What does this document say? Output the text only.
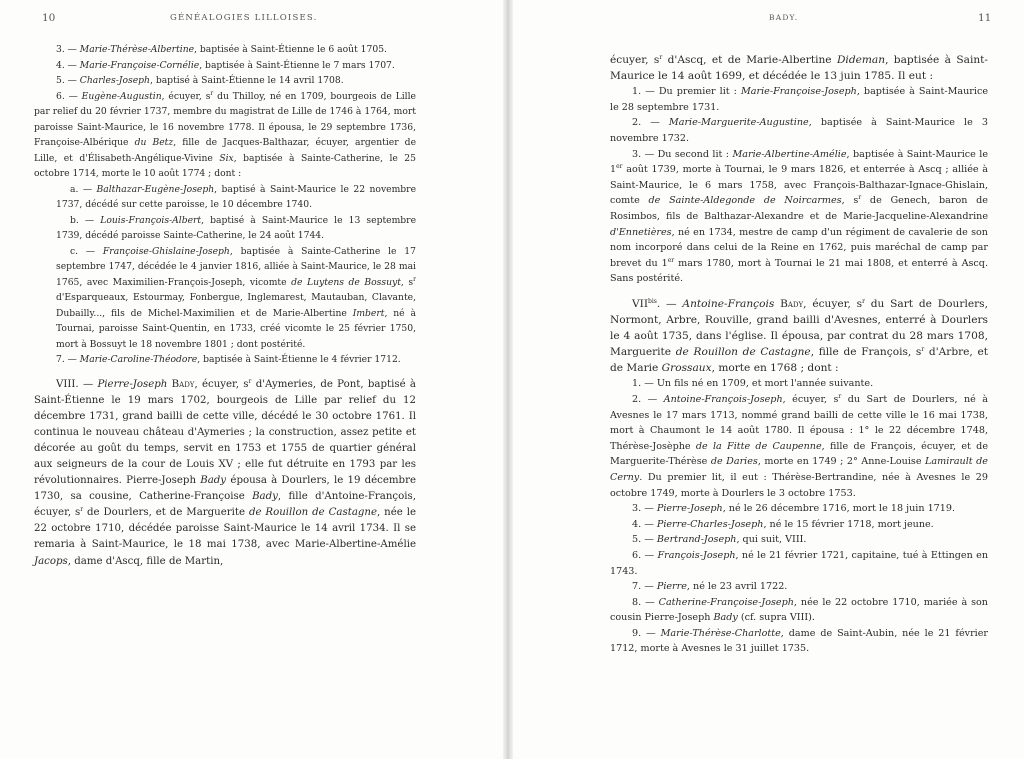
10	GÉNÉALOGIES LILLOISES.

3. — Marie-Thérèse-Albertine, baptisée à Saint-Étienne le 6 août 1705.

4. — Marie-Françoise-Cornélie, baptisée à Saint-Étienne le 7 mars 1707.

5. — Charles-Joseph, baptisé à Saint-Étienne le 14 avril 1708.

6. — Eugène-Augustin, écuyer, $s^r$ du Thilloy, né en 1709, bourgeois de Lille par relief du 20 février 1737, membre du magistrat de Lille de 1746 à 1764, mort paroisse Saint-Maurice, le 16 novembre 1778. Il épousa, le 29 septembre 1736, Françoise-Albérique du Betz, fille de Jacques-Balthazar, écuyer, argentier de Lille, et d'Élisabeth-Angélique-Vivine Six, baptisée à Sainte-Catherine, le 25 octobre 1714, morte le 10 août 1774 ; dont :

a. — Balthazar-Eugène-Joseph, baptisé à Saint-Maurice le 22 novembre 1737, décédé sur cette paroisse, le 10 décembre 1740.

b. — Louis-François-Albert, baptisé à Saint-Maurice le 13 septembre 1739, décédé paroisse Sainte-Catherine, le 24 août 1744.

c. — Françoise-Ghislaine-Joseph, baptisée à Sainte-Catherine le 17 septembre 1747, décédée le 4 janvier 1816, alliée à Saint-Maurice, le 28 mai 1765, avec Maximilien-François-Joseph, vicomte de Luytens de Bossuyt, $s^r$ d'Esparqueaux, Estourmay, Fonbergue, Inglemarest, Mautauban, Clavante, Dubailly..., fils de Michel-Maximilien et de Marie-Albertine Imbert, né à Tournai, paroisse Saint-Quentin, en 1733, créé vicomte le 25 février 1750, mort à Bossuyt le 18 novembre 1801 ; dont postérité.

7. — Marie-Caroline-Théodore, baptisée à Saint-Étienne le 4 février 1712.

VIII. — Pierre-Joseph Bady, écuyer, $s^r$ d'Aymeries, de Pont, baptisé à Saint-Étienne le 19 mars 1702, bourgeois de Lille par relief du 12 décembre 1731, grand bailli de cette ville, décédé le 30 octobre 1761. Il continua le nouveau château d'Aymeries ; la construction, assez petite et décorée au goût du temps, servit en 1753 et 1755 de quartier général aux seigneurs de la cour de Louis XV ; elle fut détruite en 1793 par les révolutionnaires. Pierre-Joseph Badу épousa à Dourlers, le 19 décembre 1730, sa cousine, Catherine-Françoise Bady, fille d'Antoine-François, écuyer, $s^r$ de Dourlers, et de Marguerite de Rouillon de Castagne, née le 22 octobre 1710, décédée paroisse Saint-Maurice le 14 avril 1734. Il se remaria à Saint-Maurice, le 18 mai 1738, avec Marie-Albertine-Amélie Jacops, dame d'Ascq, fille de Martin,

BADY.	11

écuyer, $s^r$ d'Ascq, et de Marie-Albertine Dideman, baptisée à Saint-Maurice le 14 août 1699, et décédée le 13 juin 1785. Il eut :

1. — Du premier lit : Marie-Françoise-Joseph, baptisée à Saint-Maurice le 28 septembre 1731.

2. — Marie-Marguerite-Augustine, baptisée à Saint-Maurice le 3 novembre 1732.

3. — Du second lit : Marie-Albertine-Amélie, baptisée à Saint-Maurice le 1er août 1739, morte à Tournai, le 9 mars 1826, et enterrée à Ascq ; alliée à Saint-Maurice, le 6 mars 1758, avec François-Balthazar-Ignace-Ghislain, comte de Sainte-Aldegonde de Noircarmes, $s^r$ de Genech, baron de Rosimbos, fils de Balthazar-Alexandre et de Marie-Jacqueline-Alexandrine d'Ennetières, né en 1734, mestre de camp d'un régiment de cavalerie de son nom incorporé dans celui de la Reine en 1762, puis maréchal de camp par brevet du 1er mars 1780, mort à Tournai le 21 mai 1808, et enterré à Ascq. Sans postérité.

$VII^{bis}$. — Antoine-François Bady, écuyer, $s^r$ du Sart de Dourlers, Normont, Arbre, Rouville, grand bailli d'Avesnes, enterré à Dourlers le 4 août 1735, dans l'église. Il épousa, par contrat du 28 mars 1708, Marguerite de Rouillon de Castagne, fille de François, $s^r$ d'Arbre, et de Marie Grossaux, morte en 1768 ; dont :

1. — Un fils né en 1709, et mort l'année suivante.

2. — Antoine-François-Joseph, écuyer, $s^r$ du Sart de Dourlers, né à Avesnes le 17 mars 1713, nommé grand bailli de cette ville le 16 mai 1738, mort à Chaumont le 14 août 1780. Il épousa : 1° le 22 décembre 1748, Thérèse-Josèphe de la Fitte de Caupenne, fille de François, écuyer, et de Marguerite-Thérèse de Daries, morte en 1749 ; 2° Anne-Louise Lamirault de Cerny. Du premier lit, il eut : Thérèse-Bertrandine, née à Avesnes le 29 octobre 1749, morte à Dourlers le 3 octobre 1753.

3. — Pierre-Joseph, né le 26 décembre 1716, mort le 18 juin 1719.

4. — Pierre-Charles-Joseph, né le 15 février 1718, mort jeune.

5. — Bertrand-Joseph, qui suit, VIII.

6. — François-Joseph, né le 21 février 1721, capitaine, tué à Ettingen en 1743.

7. — Pierre, né le 23 avril 1722.

8. — Catherine-Françoise-Joseph, née le 22 octobre 1710, mariée à son cousin Pierre-Joseph Bady (cf. supra VIII).

9. — Marie-Thérèse-Charlotte, dame de Saint-Aubin, née le 21 février 1712, morte à Avesnes le 31 juillet 1735.
